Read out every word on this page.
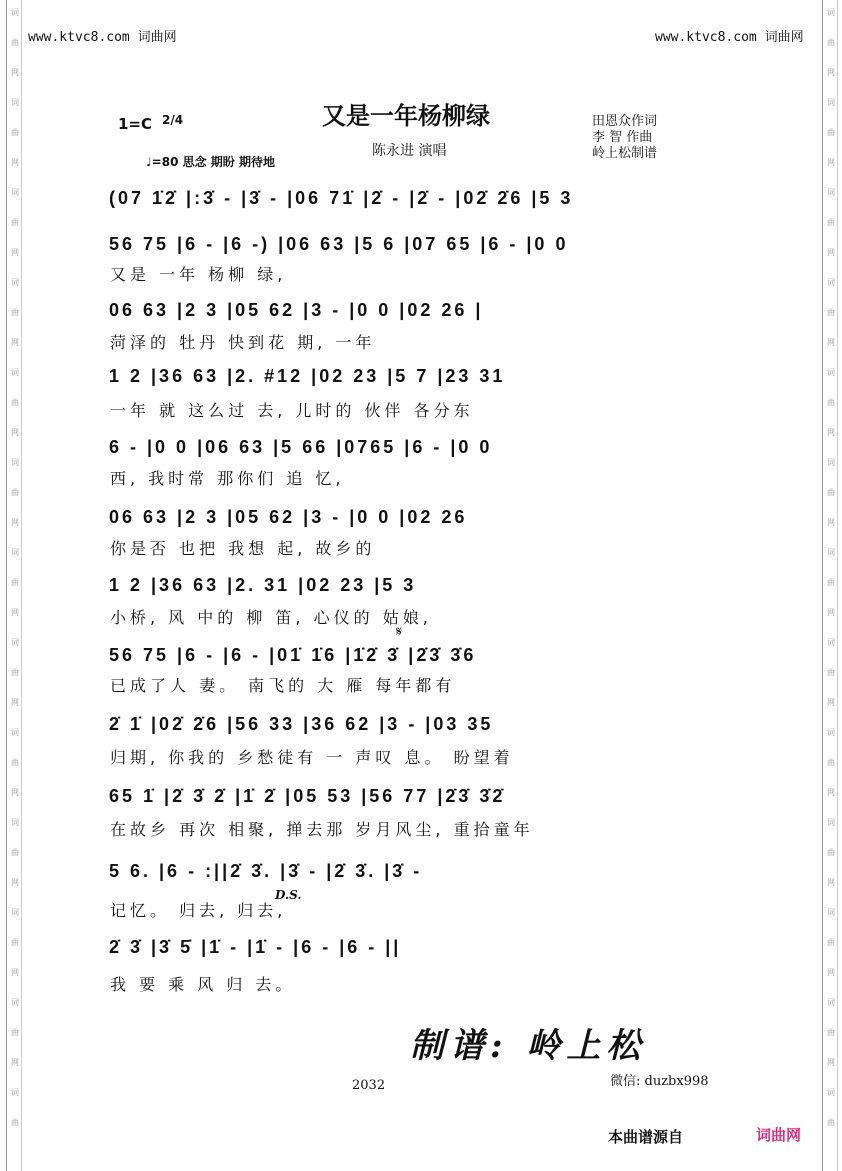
www.ktvc8.com 词曲网	www.ktvc8.com 词曲网
1=C 2/4	又是一年杨柳绿
陈永进 演唱
田恩众作词
李 智 作曲
岭上松制谱
♩=80 思念 期盼 期待地
(07 1̇2̇ |:3̇ - |3̇ - |06 71̇ |2̇ - |2̇ - |02̇ 2̇6 |5 3
56 75 |6 - |6 -) |06 63 |5 6 |07 65 |6 - |0 0
又是 一年 杨柳 绿,
06 63 |2 3 |05 62 |3 - |0 0 |02 26 |
菏泽的 牡丹 快到花 期, 一年
1 2 |36 63 |2. #12 |02 23 |5 7 |23 31
一年 就 这么过 去, 儿时的 伙伴 各分东
6 - |0 0 |06 63 |5 66 |0765 |6 - |0 0
西, 我时常 那你们 追 忆,
06 63 |2 3 |05 62 |3 - |0 0 |02 26
你是否 也把 我想 起, 故乡的
1 2 |36 63 |2. 31 |02 23 |5 3
小桥, 风 中的 柳 笛, 心仪的 姑娘,
56 75 |6 - |6 - |01̇ 1̇6 |1̇2̇ 3̇ |2̇3̇ 3̇6
已成了人 妻。 南飞的 大 雁 每年都有
2̇ 1̇ |02̇ 2̇6 |56 33 |36 62 |3 - |03 35
归期, 你我的 乡愁徒有 一 声叹 息。 盼望着
65 1̇ |2̇ 3̇ 2̇ |1̇ 2̇ |05 53 |56 77 |2̇3̇ 3̇2̇
在故乡 再次 相聚, 掸去那 岁月风尘, 重拾童年
5 6. |6 - :||2̇ 3̇. |3̇ - |2̇ 3̇. |3̇ -
记忆。 归去, 归去,
2̇ 3̇ |3̇ 5̇ |1̇ - |1̇ - |6 - |6 - ||
我 要 乘 风 归 去。
D.S.
𝄋
制谱: 岭上松
微信: duzbx998
2032
本曲谱源自	词曲网
词
曲
网
词
曲
网
词
曲
网
词
曲
网
词
曲
网
词
曲
网
词
曲
网
词
曲
网
词
曲
网
词
曲
网
词
曲
网
词
曲
网
词
曲
词
曲
网
词
曲
网
词
曲
网
词
曲
网
词
曲
网
词
曲
网
词
曲
网
词
曲
网
词
曲
网
词
曲
网
词
曲
网
词
曲
网
词
曲
